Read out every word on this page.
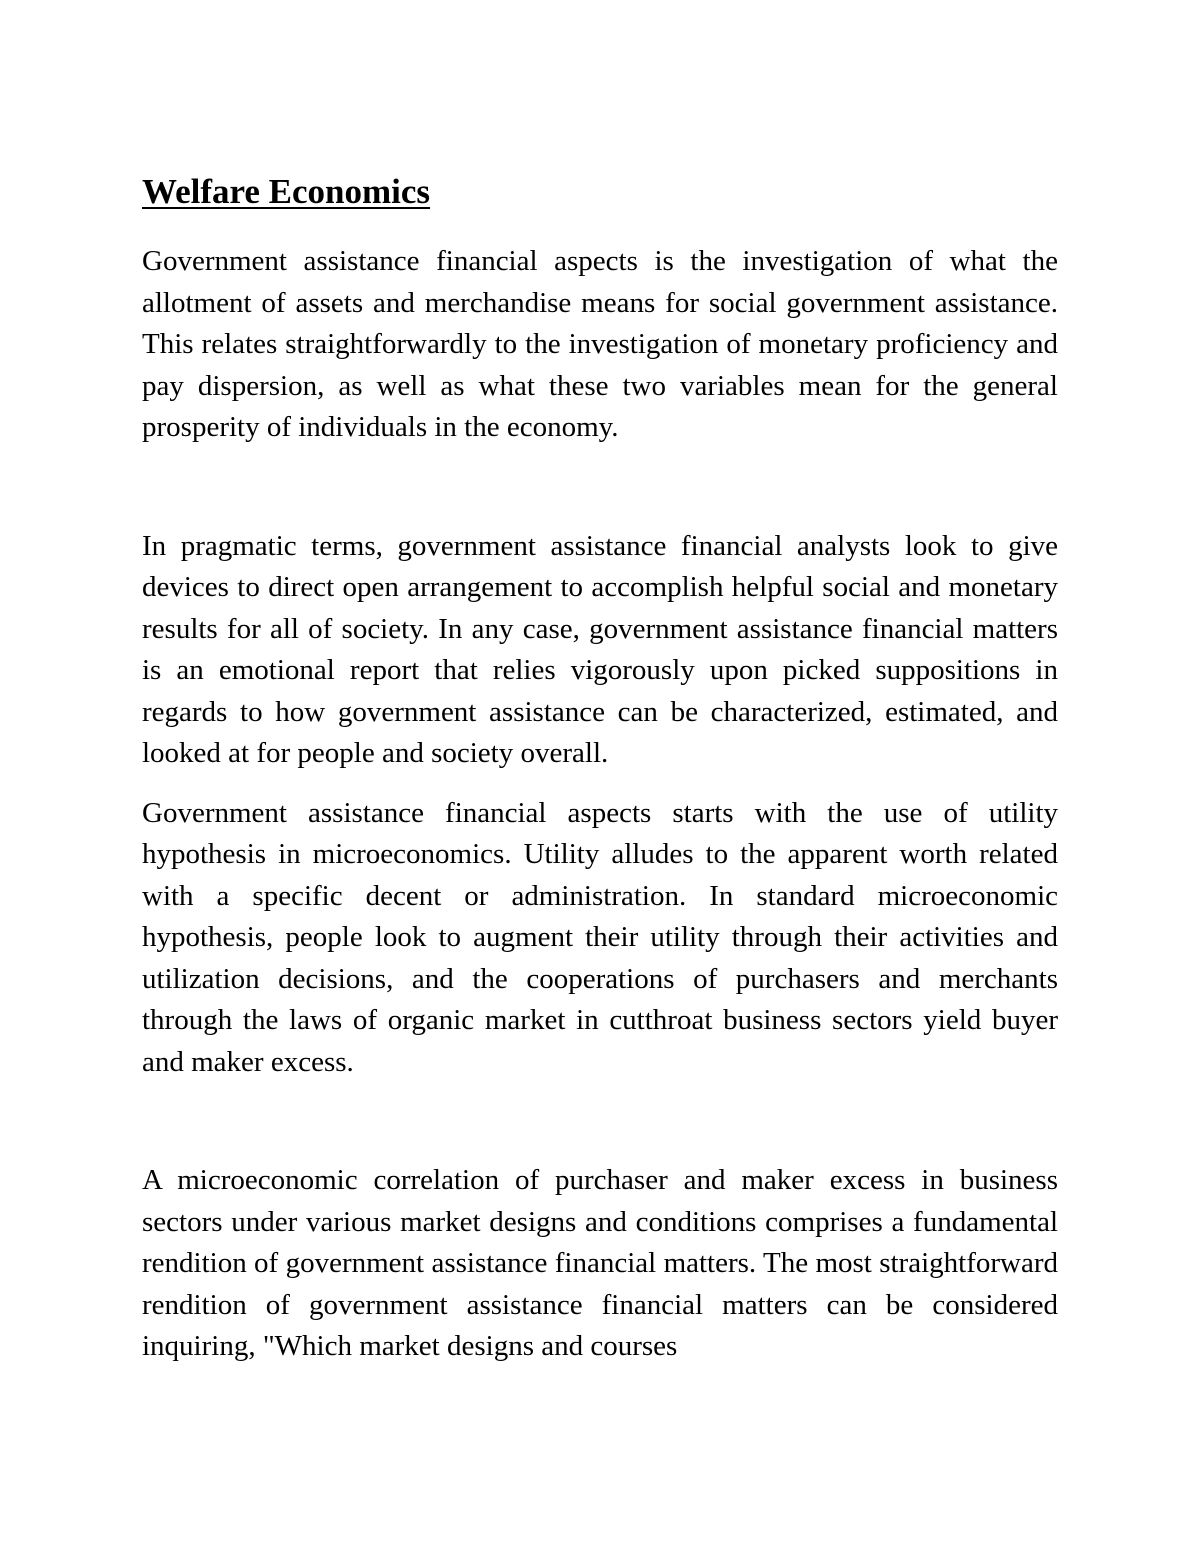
Welfare Economics

Government assistance financial aspects is the investigation of what the allotment of assets and merchandise means for social government assistance. This relates straightforwardly to the investigation of monetary proficiency and pay dispersion, as well as what these two variables mean for the general prosperity of individuals in the economy.

In pragmatic terms, government assistance financial analysts look to give devices to direct open arrangement to accomplish helpful social and monetary results for all of society. In any case, government assistance financial matters is an emotional report that relies vigorously upon picked suppositions in regards to how government assistance can be characterized, estimated, and looked at for people and society overall.

Government assistance financial aspects starts with the use of utility hypothesis in microeconomics. Utility alludes to the apparent worth related with a specific decent or administration. In standard microeconomic hypothesis, people look to augment their utility through their activities and utilization decisions, and the cooperations of purchasers and merchants through the laws of organic market in cutthroat business sectors yield buyer and maker excess.

A microeconomic correlation of purchaser and maker excess in business sectors under various market designs and conditions comprises a fundamental rendition of government assistance financial matters. The most straightforward rendition of government assistance financial matters can be considered inquiring, "Which market designs and courses
